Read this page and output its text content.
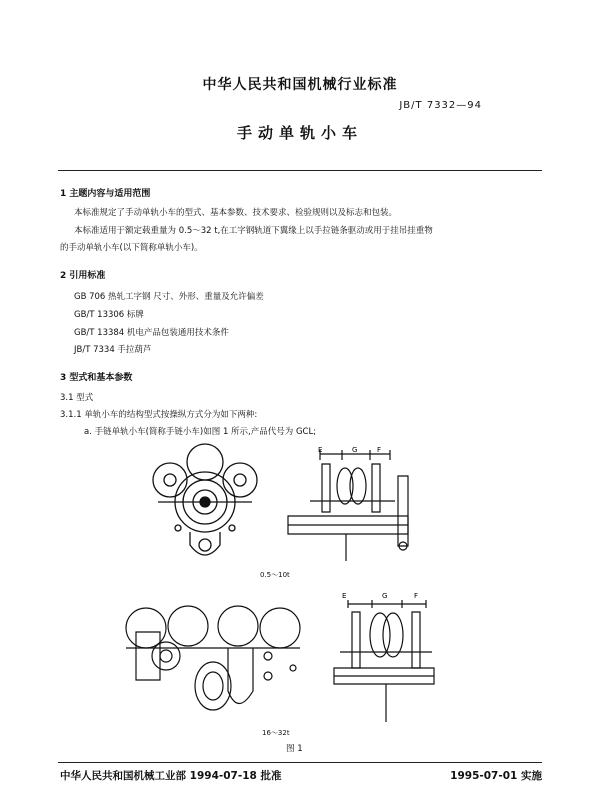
中华人民共和国机械行业标准
JB/T 7332—94
手动单轨小车
1 主题内容与适用范围
本标准规定了手动单轨小车的型式、基本参数、技术要求、检验规则以及标志和包装。
本标准适用于额定载重量为 0.5～32 t,在工字钢轨道下翼缘上以手拉链条驱动或用于挂吊挂重物
的手动单轨小车(以下简称单轨小车)。
2 引用标准
GB 706 热轧工字钢 尺寸、外形、重量及允许偏差
GB/T 13306 标牌
GB/T 13384 机电产品包装通用技术条件
JB/T 7334 手拉葫芦
3 型式和基本参数
3.1 型式
3.1.1 单轨小车的结构型式按操纵方式分为如下两种:
a. 手链单轨小车(简称手链小车)如图 1 所示,产品代号为 GCL;
E	G	F
0.5～10t
E	G	F
16～32t
图 1
中华人民共和国机械工业部 1994-07-18 批准	1995-07-01 实施
